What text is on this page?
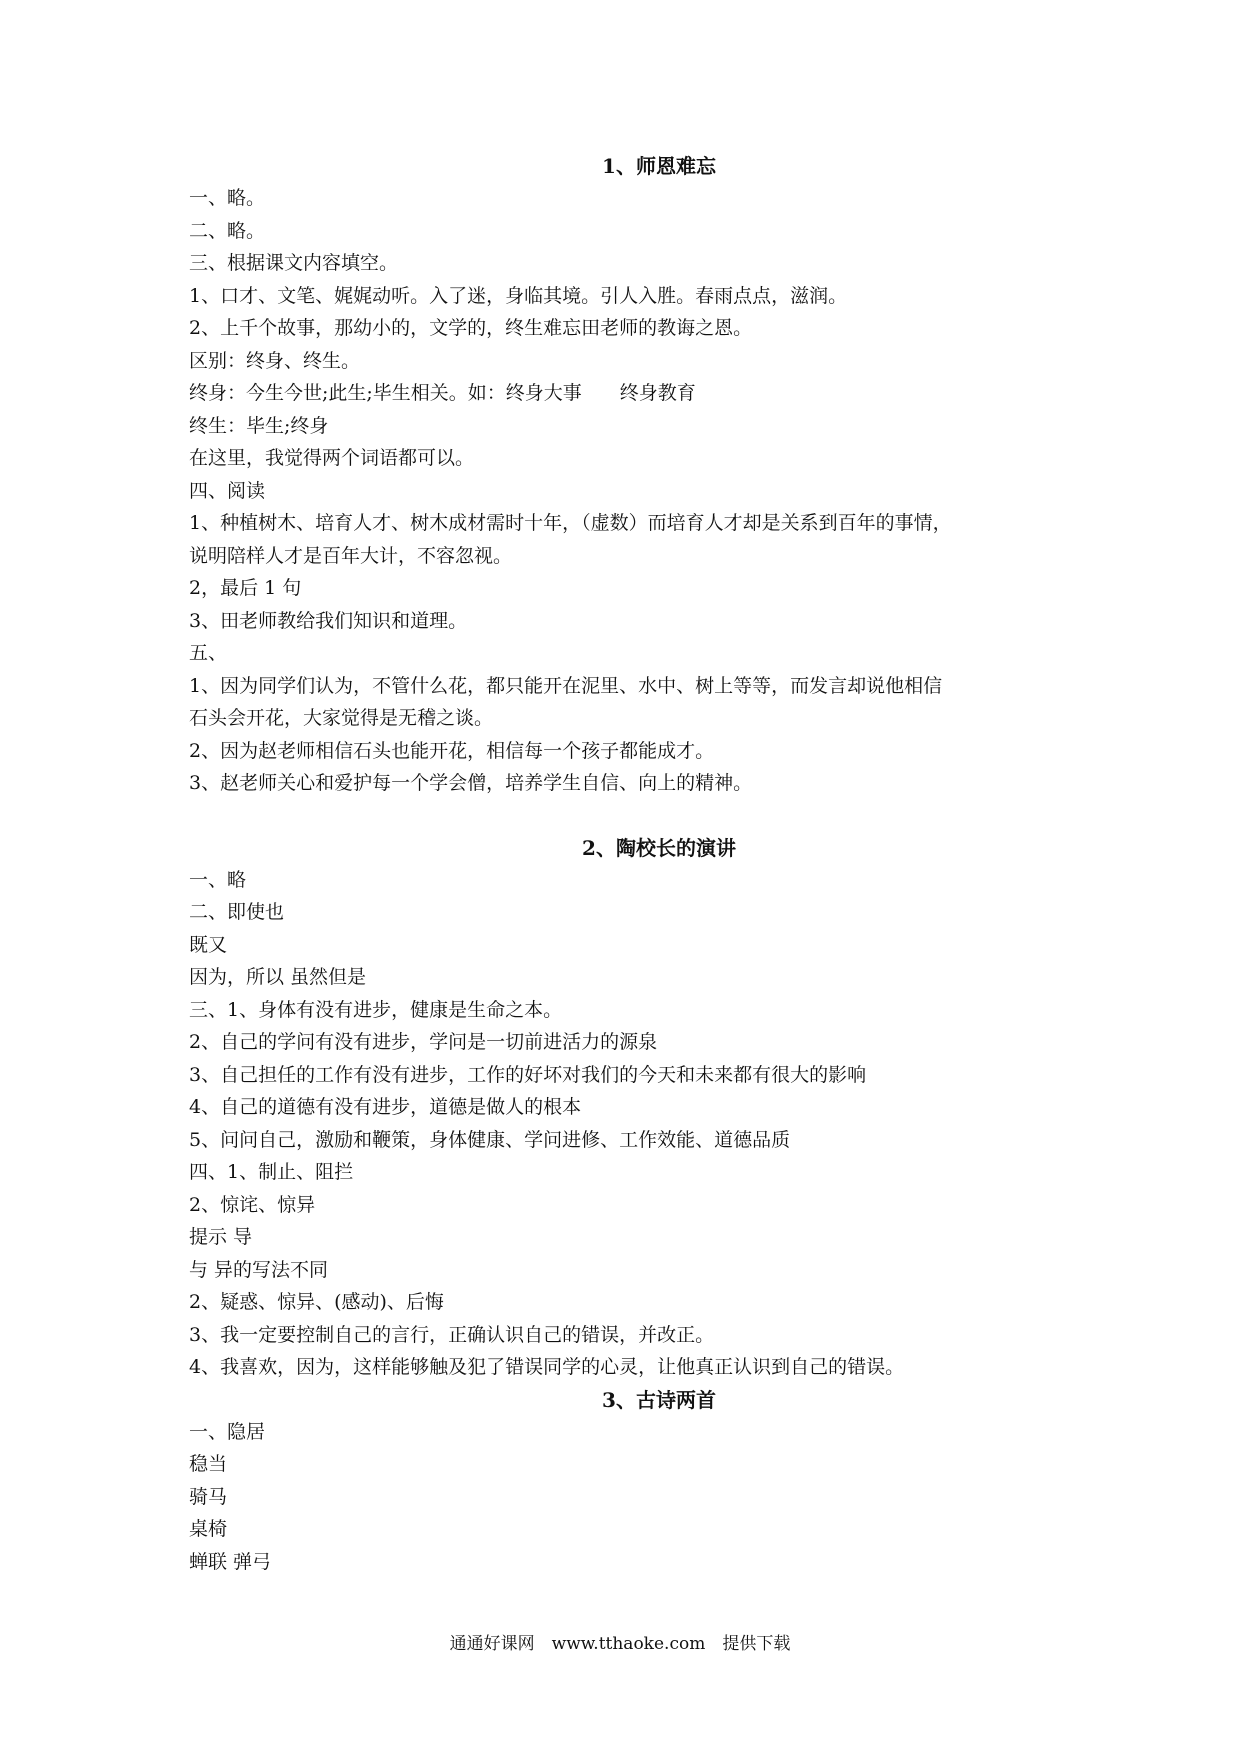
1、师恩难忘

一、略。

二、略。

三、根据课文内容填空。

1、口才、文笔、娓娓动听。入了迷，身临其境。引人入胜。春雨点点，滋润。

2、上千个故事，那幼小的，文学的，终生难忘田老师的教诲之恩。

区别：终身、终生。

终身：今生今世;此生;毕生相关。如：终身大事　　终身教育

终生：毕生;终身

在这里，我觉得两个词语都可以。

四、阅读

1、种植树木、培育人才、树木成材需时十年，（虚数）而培育人才却是关系到百年的事情，

说明陪样人才是百年大计，不容忽视。

2，最后 1 句

3、田老师教给我们知识和道理。

五、

1、因为同学们认为，不管什么花，都只能开在泥里、水中、树上等等，而发言却说他相信

石头会开花，大家觉得是无稽之谈。

2、因为赵老师相信石头也能开花，相信每一个孩子都能成才。

3、赵老师关心和爱护每一个学会僧，培养学生自信、向上的精神。

2、陶校长的演讲

一、略

二、即使也

既又

因为，所以 虽然但是

三、1、身体有没有进步，健康是生命之本。

2、自己的学问有没有进步，学问是一切前进活力的源泉

3、自己担任的工作有没有进步，工作的好坏对我们的今天和未来都有很大的影响

4、自己的道德有没有进步，道德是做人的根本

5、问问自己，激励和鞭策，身体健康、学问进修、工作效能、道德品质

四、1、制止、阻拦

2、惊诧、惊异

提示 导

与 异的写法不同

2、疑惑、惊异、(感动)、后悔

3、我一定要控制自己的言行，正确认识自己的错误，并改正。

4、我喜欢，因为，这样能够触及犯了错误同学的心灵，让他真正认识到自己的错误。

3、古诗两首

一、隐居

稳当

骑马

桌椅

蝉联 弹弓

通通好课网　www.tthaoke.com　提供下载
